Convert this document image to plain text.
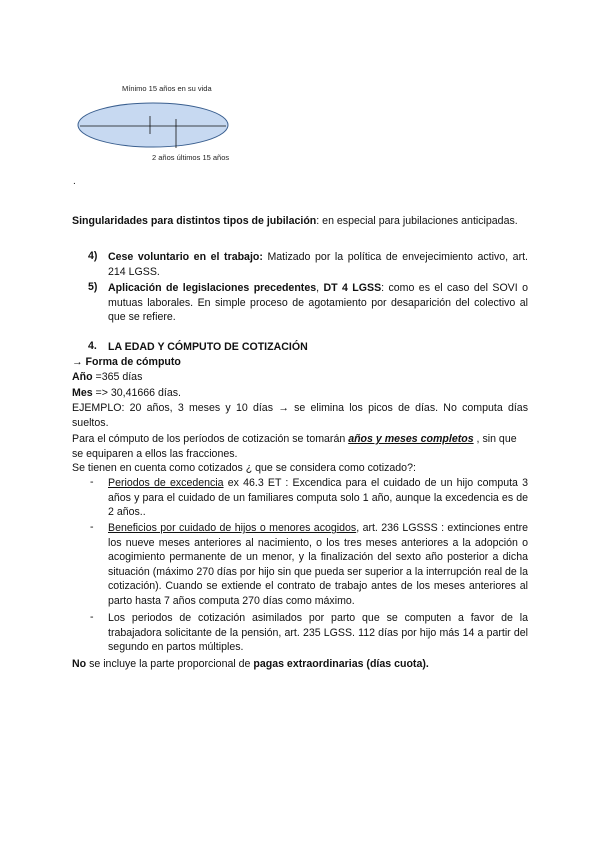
Mínimo 15 años en su vida
2 años últimos 15 años
.
Singularidades para distintos tipos de jubilación: en especial para jubilaciones anticipadas.
4) Cese voluntario en el trabajo: Matizado por la política de envejecimiento activo, art. 214 LGSS.
5) Aplicación de legislaciones precedentes, DT 4 LGSS: como es el caso del SOVI o mutuas laborales. En simple proceso de agotamiento por desaparición del colectivo al que se refiere.
4. LA EDAD Y CÓMPUTO DE COTIZACIÓN
→ Forma de cómputo
Año =365 días
Mes => 30,41666 días.
EJEMPLO: 20 años, 3 meses y 10 días → se elimina los picos de días. No computa días sueltos.
Para el cómputo de los períodos de cotización se tomarán años y meses completos , sin que se equiparen a ellos las fracciones.
Se tienen en cuenta como cotizados ¿ que se considera como cotizado?:
- Periodos de excedencia ex 46.3 ET : Excendica para el cuidado de un hijo computa 3 años y para el cuidado de un familiares computa solo 1 año, aunque la excedencia es de 2 años..
- Beneficios por cuidado de hijos o menores acogidos, art. 236 LGSSS : extinciones entre los nueve meses anteriores al nacimiento, o los tres meses anteriores a la adopción o acogimiento permanente de un menor, y la finalización del sexto año posterior a dicha situación (máximo 270 días por hijo sin que pueda ser superior a la interrupción real de la cotización). Cuando se extiende el contrato de trabajo antes de los meses anteriores al parto hasta 7 años computa 270 días como máximo.
- Los periodos de cotización asimilados por parto que se computen a favor de la trabajadora solicitante de la pensión, art. 235 LGSS. 112 días por hijo más 14 a partir del segundo en partos múltiples.
No se incluye la parte proporcional de pagas extraordinarias (días cuota).
